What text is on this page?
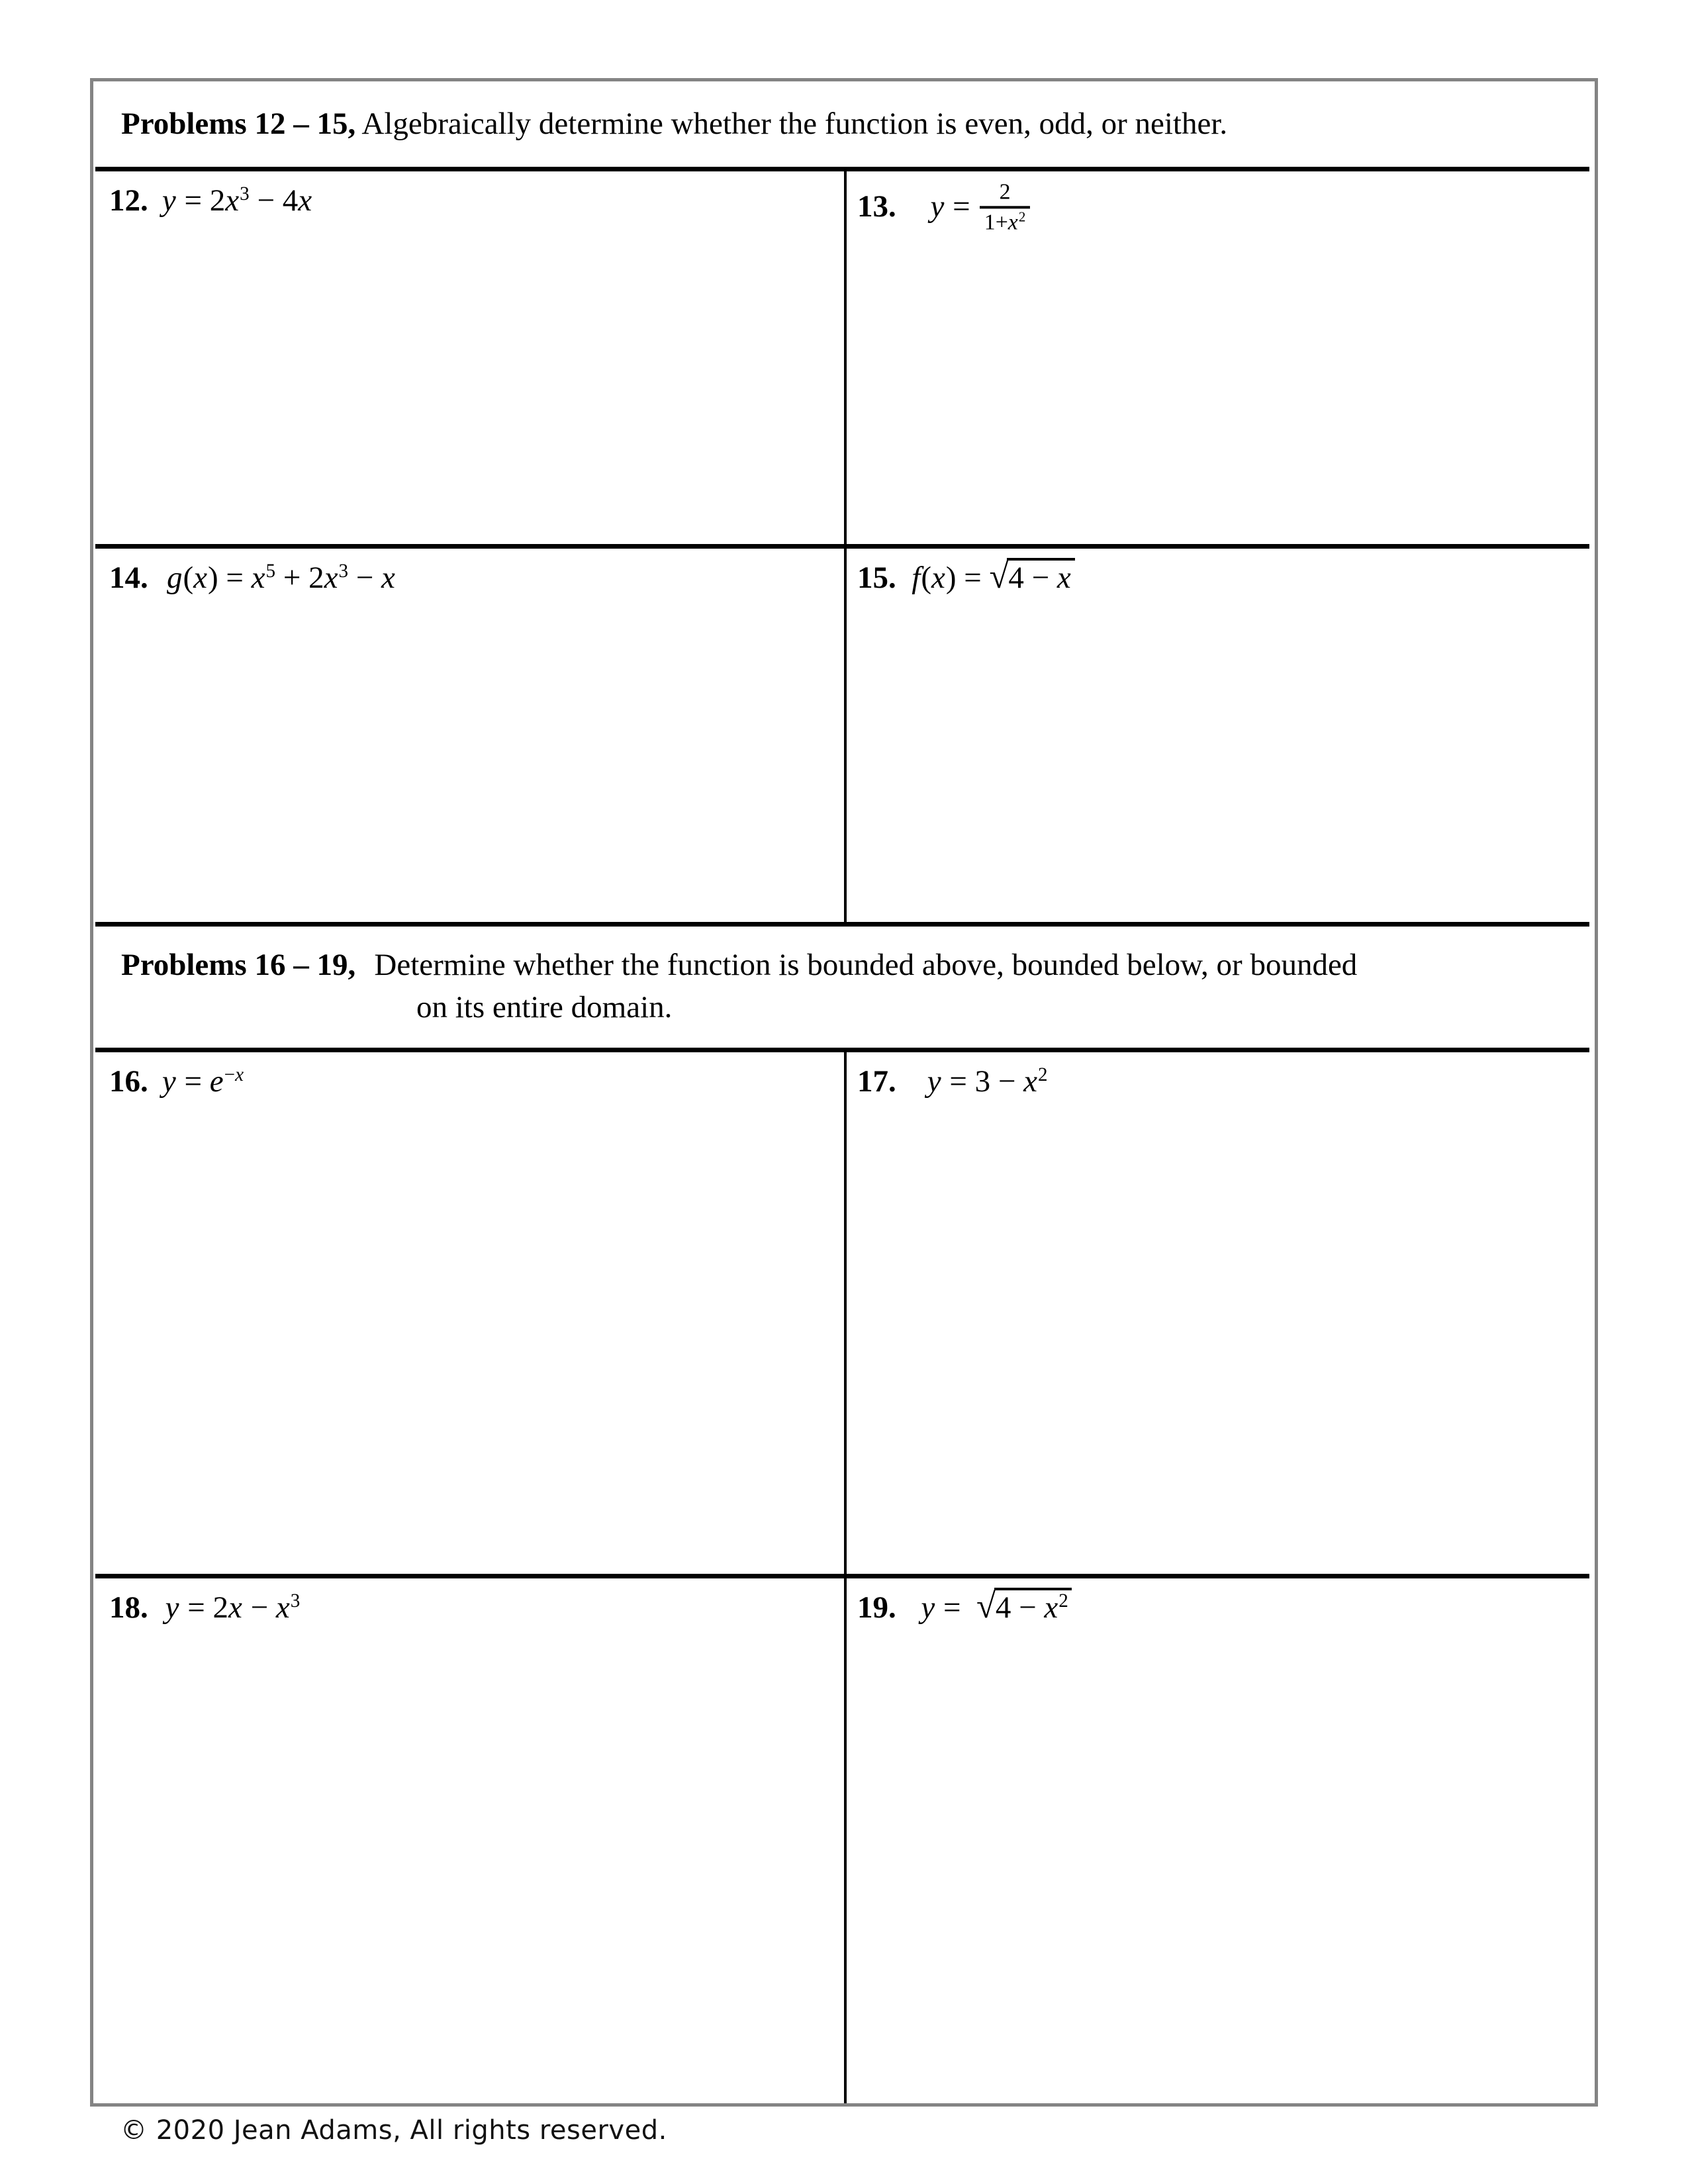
Problems 12 – 15, Algebraically determine whether the function is even, odd, or neither.
12. $y = 2x^3 - 4x$	13. $y = \frac{2}{1+x^2}$
14. $g(x) = x^5 + 2x^3 - x$	15. f(x) = √4 − x
Problems 16 – 19, Determine whether the function is bounded above, bounded below, or bounded
on its entire domain.
16. $y = e^{-x}$	17. $y = 3 - x^2$
18. $y = 2x - x^3$	19. $y = √4 - x^2$
© 2020 Jean Adams, All rights reserved.
